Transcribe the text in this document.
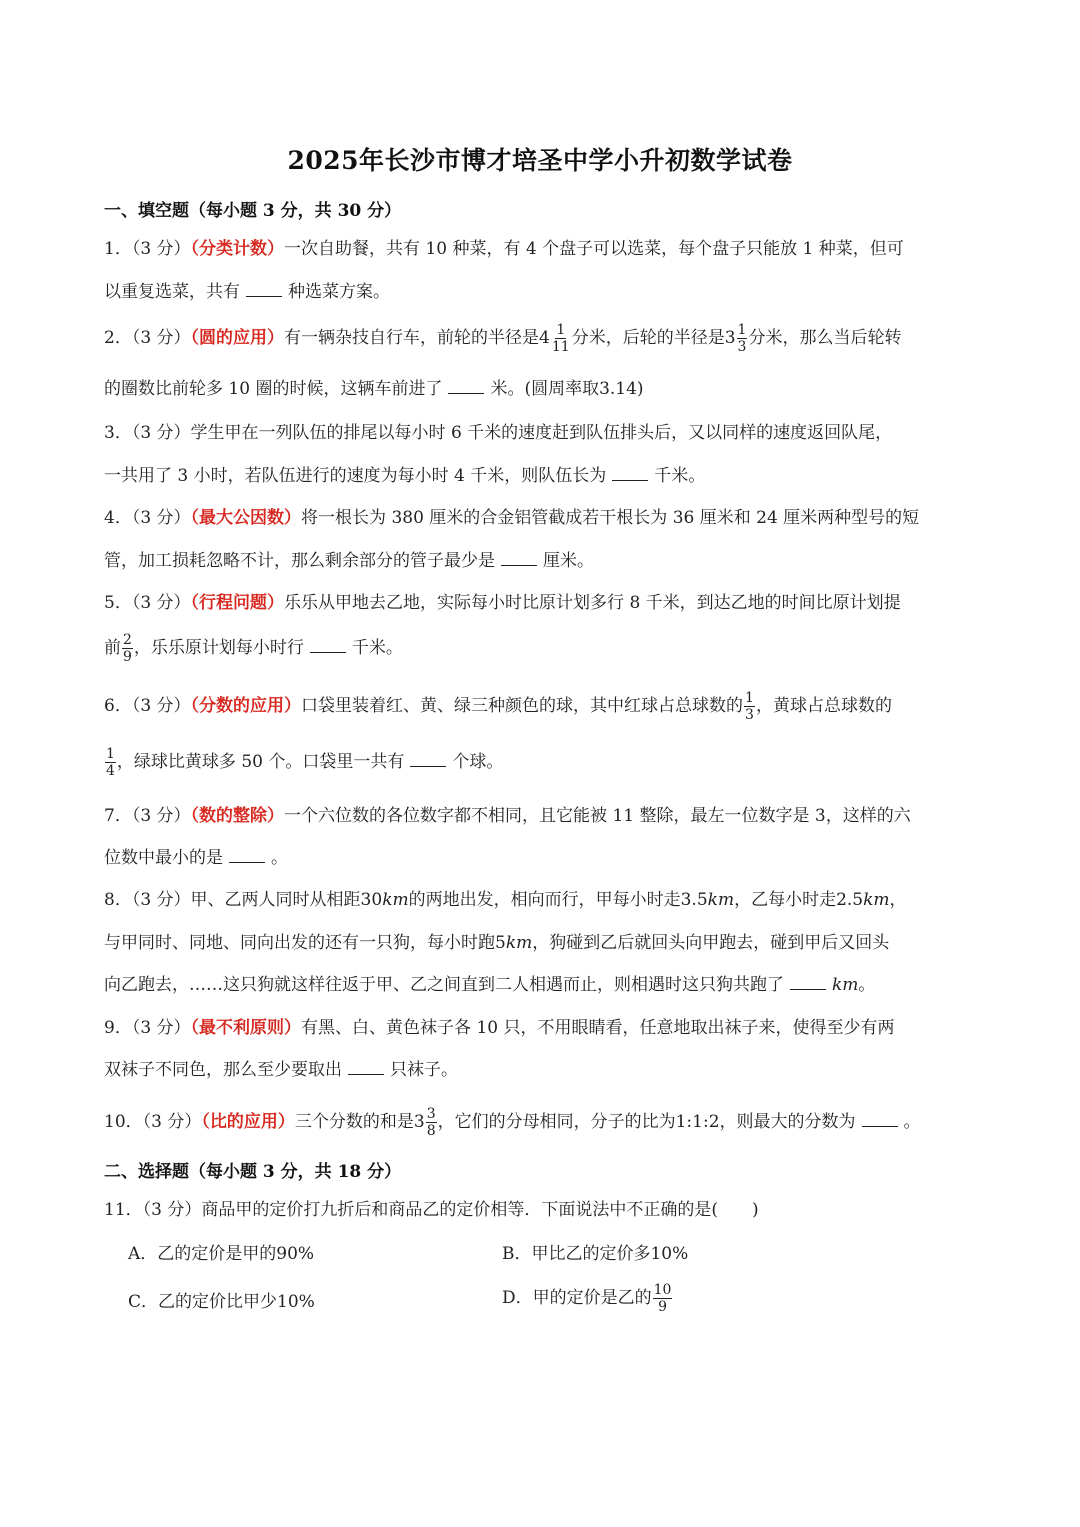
2025年长沙市博才培圣中学小升初数学试卷
一、填空题（每小题 3 分，共 30 分）
1．（3 分）（分类计数）一次自助餐，共有 10 种菜，有 4 个盘子可以选菜，每个盘子只能放 1 种菜，但可
以重复选菜，共有	种选菜方案。
2．（3 分）（圆的应用）有一辆杂技自行车，前轮的半径是$4 \frac{1}{11}$ 分米，后轮的半径是$3 \frac{1}{3}$ 分米，那么当后轮转
的圈数比前轮多 10 圈的时候，这辆车前进了	米。(圆周率取3.14)
3．（3 分）学生甲在一列队伍的排尾以每小时 6 千米的速度赶到队伍排头后，又以同样的速度返回队尾，
一共用了 3 小时，若队伍进行的速度为每小时 4 千米，则队伍长为	千米。
4．（3 分）（最大公因数）将一根长为 380 厘米的合金铝管截成若干根长为 36 厘米和 24 厘米两种型号的短
管，加工损耗忽略不计，那么剩余部分的管子最少是	厘米。
5．（3 分）（行程问题）乐乐从甲地去乙地，实际每小时比原计划多行 8 千米，到达乙地的时间比原计划提
前 $\frac{2}{9}$ ，乐乐原计划每小时行	千米。
6．（3 分）（分数的应用）口袋里装着红、黄、绿三种颜色的球，其中红球占总球数的 $\frac{1}{3}$ ，黄球占总球数的
$\frac{1}{4}$ ，绿球比黄球多 50 个。口袋里一共有	个球。
7．（3 分）（数的整除）一个六位数的各位数字都不相同，且它能被 11 整除，最左一位数字是 3，这样的六
位数中最小的是	。
8．（3 分）甲、乙两人同时从相距30km的两地出发，相向而行，甲每小时走3.5km，乙每小时走2.5km，
与甲同时、同地、同向出发的还有一只狗，每小时跑5km，狗碰到乙后就回头向甲跑去，碰到甲后又回头
向乙跑去，……这只狗就这样往返于甲、乙之间直到二人相遇而止，则相遇时这只狗共跑了	km。
9．（3 分）（最不利原则）有黑、白、黄色袜子各 10 只，不用眼睛看，任意地取出袜子来，使得至少有两
双袜子不同色，那么至少要取出	只袜子。
10．（3 分）（比的应用）三个分数的和是$3 \frac{3}{8}$ ，它们的分母相同，分子的比为1:1:2，则最大的分数为	。
二、选择题（每小题 3 分，共 18 分）
11．（3 分）商品甲的定价打九折后和商品乙的定价相等．下面说法中不正确的是(　　)
A．乙的定价是甲的90%	B．甲比乙的定价多10%
C．乙的定价比甲少10%	D．甲的定价是乙的 $\frac{10}{9}$
